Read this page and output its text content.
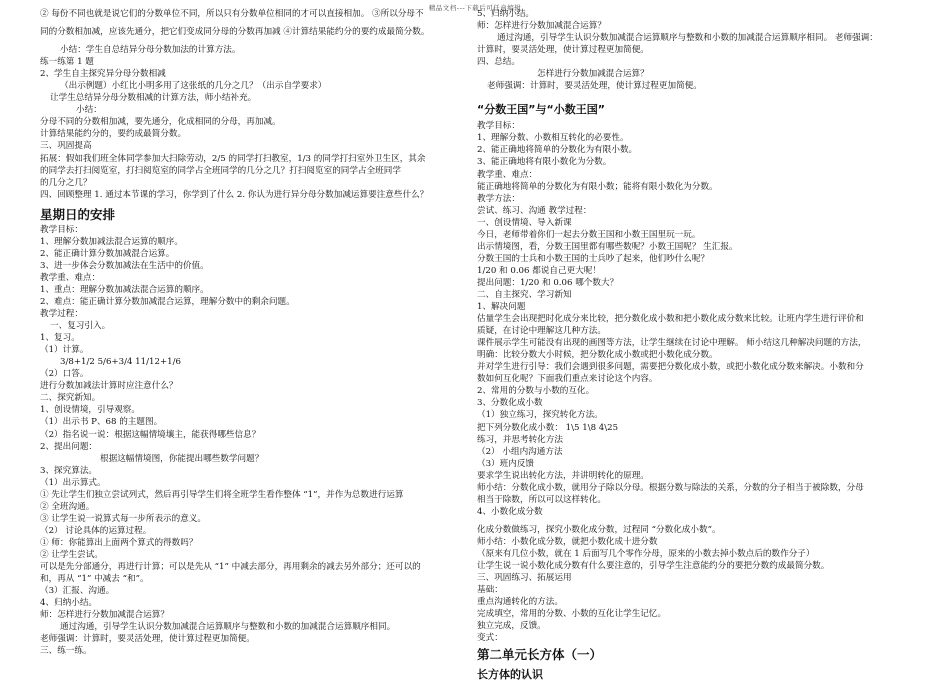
精品文档---下载后可任意编辑
② 每份不同也就是说它们的分数单位不同，所以只有分数单位相同的才可以直接相加。 ③所以分母不
同的分数相加减，应该先通分，把它们变成同分母的分数再加减 ④计算结果能约分的要约成最简分数。
小结：学生自总结异分母分数加法的计算方法。
练一练第 1 题
2、学生自主探究异分母分数相减
（出示例题）小红比小明多用了这张纸的几分之几？（出示自学要求）
让学生总结异分母分数相减的计算方法，师小结补充。
小结：
分母不同的分数相加减，要先通分，化成相同的分母，再加减。
计算结果能约分的，要约成最简分数。
三、巩固提高
拓展：假如我们班全体同学参加大扫除劳动，2/5 的同学打扫教室，1/3 的同学打扫室外卫生区，其余
的同学去打扫阅览室，打扫阅览室的同学占全班同学的几分之几？打扫阅览室的同学占全班同学
的几分之几？
四、回顾整理 1. 通过本节课的学习，你学到了什么 2. 你认为进行异分母分数加减运算要注意些什么？
星期日的安排
教学目标：
1、理解分数加减法混合运算的顺序。
2、能正确计算分数加减混合运算。
3、进一步体会分数加减法在生活中的价值。
教学重、难点：
1、重点：理解分数加减法混合运算的顺序。
2、难点：能正确计算分数加减混合运算，理解分数中的剩余问题。
教学过程：
一、复习引入。
1、复习。
（1）计算。
3/8+1/2 5/6+3/4 11/12+1/6
（2）口答。
进行分数加减法计算时应注意什么？
二、探究新知。
1、创设情境，引导观察。
（1）出示书 P、68 的主题图。
（2）指名说一说：根据这幅情境壤主，能获得哪些信息？
2、提出问题：
根据这幅情境图，你能提出哪些数学问题？
3、探究算法。
（1）出示算式。
① 先让学生们独立尝试列式，然后再引导学生们将全班学生看作整体 “1”，并作为总数进行运算
② 全班沟通。
③ 让学生说一说算式每一步所表示的意义。
（2） 讨论具体的运算过程。
① 师：你能算出上面两个算式的得数吗？
② 让学生尝试。
可以是先分部通分，再进行计算；可以是先从 “1” 中减去部分，再用剩余的减去另外部分；还可以的
和，再从 “1” 中减去 “和”。
（3）汇报、沟通。
4、归纳小结。
师：怎样进行分数加减混合运算？
通过沟通，引导学生认识分数加减混合运算顺序与整数和小数的加减混合运算顺序相同。
老师强调：计算时，要灵活处理，使计算过程更加简便。
三、练一练。
5、归纳小结。
师：怎样进行分数加减混合运算？
通过沟通，引导学生认识分数加减混合运算顺序与整数和小数的加减混合运算顺序相同。 老师强调：
计算时，要灵活处理，使计算过程更加简便。
四、总结。
怎样进行分数加减混合运算？
老师强调：计算时，要灵活处理，使计算过程更加简便。
“分数王国”与“小数王国”
教学目标：
1、理解分数、小数相互转化的必要性。
2、能正确地将简单的分数化为有限小数。
3、能正确地将有限小数化为分数。
教学重、难点：
能正确地将简单的分数化为有限小数；能将有限小数化为分数。
教学方法：
尝试、练习、沟通 教学过程：
一、创设情境、导入新课
今日，老师带着你们一起去分数王国和小数王国里玩一玩。
出示情境图，看，分数王国里都有哪些数呢？小数王国呢？ 生汇报。
分数王国的士兵和小数王国的士兵吵了起来，他们吵什么呢？
1/20 和 0.06 都说自己更大呢！
提出问题：1/20 和 0.06 哪个数大？
二、自主探究、学习新知
1、解决问题
估量学生会出现把时化成分来比较，把分数化成小数和把小数化成分数来比较。让班内学生进行评价和
质疑，在讨论中理解这几种方法。
课件展示学生可能没有出现的画图等方法，让学生继续在讨论中理解。 师小结这几种解决问题的方法，
明确：比较分数大小时候，把分数化成小数或把小数化成分数。
并对学生进行引导：我们会遇到很多问题，需要把分数化成小数，或把小数化成分数来解决。小数和分
数如何互化呢？下面我们重点来讨论这个内容。
2、常用的分数与小数的互化。
3、分数化成小数
（1）独立练习，探究转化方法。
把下列分数化成小数： 1\5 1\8 4\25
练习，并思考转化方法
（2） 小组内沟通方法
（3）班内反馈
要求学生说出转化方法，并讲明转化的原理。
师小结：分数化成小数，就用分子除以分母。根据分数与除法的关系，分数的分子相当于被除数，分母
相当于除数，所以可以这样转化。
4、小数化成分数
化成分数做练习，探究小数化成分数，过程同 “分数化成小数”。
师小结：小数化成分数，就把小数化成十进分数
（原来有几位小数，就在 1 后面写几个零作分母，原来的小数去掉小数点后的数作分子）
让学生说一说小数化成分数有什么要注意的，引导学生注意能约分的要把分数约成最简分数。
三、巩固练习、拓展运用
基础：
重点沟通转化的方法。
完成填空，常用的分数、小数的互化让学生记忆。
独立完成，反馈。
变式：
第二单元长方体（一）
长方体的认识
